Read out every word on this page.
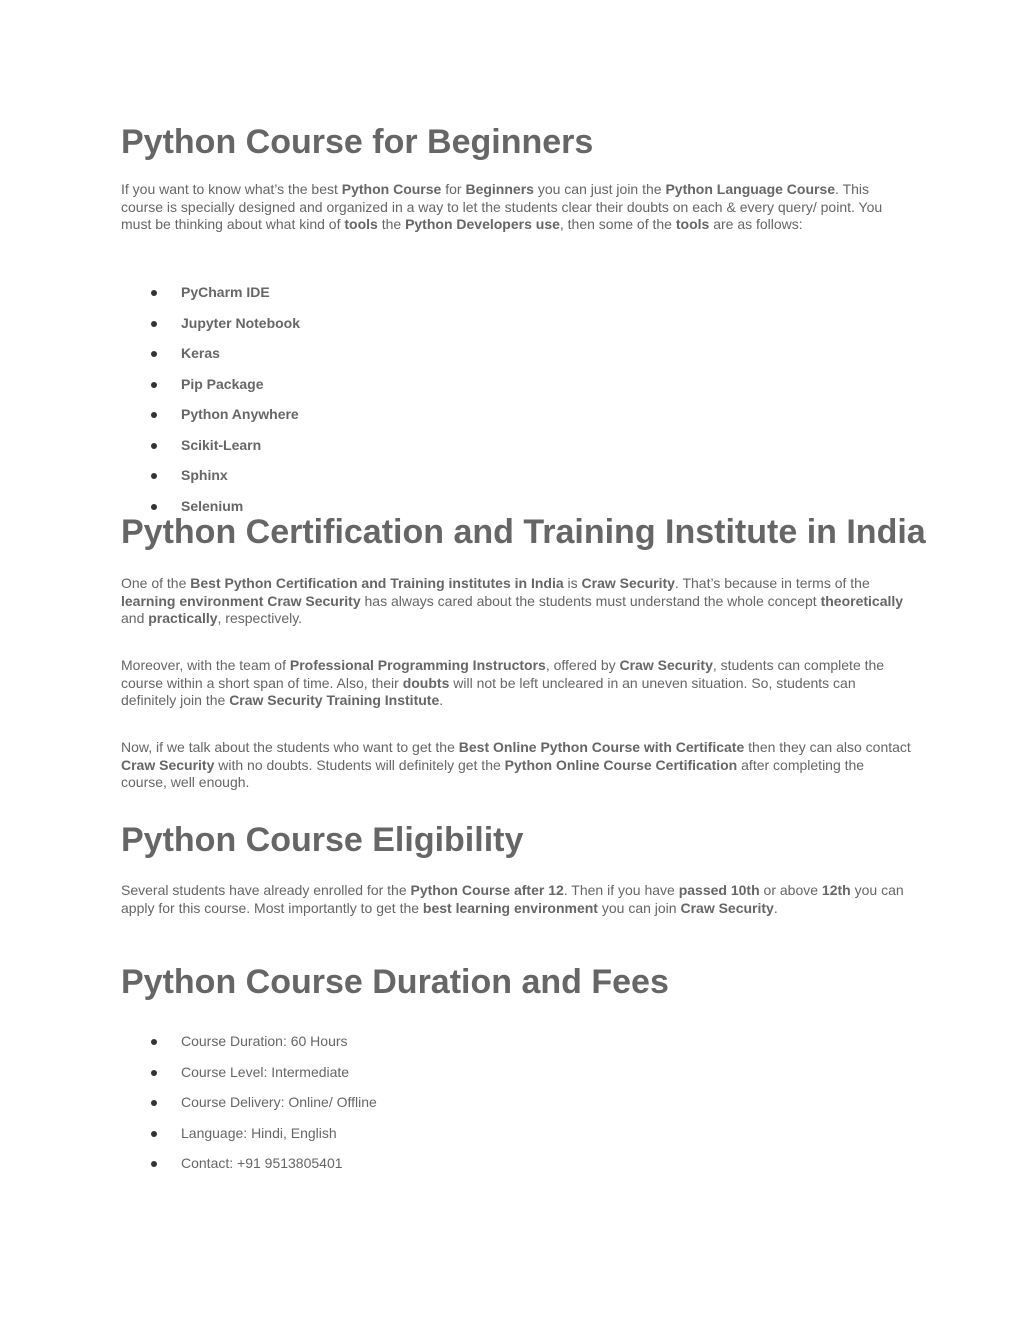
Python Course for Beginners

If you want to know what’s the best Python Course for Beginners you can just join the Python Language Course. This course is specially designed and organized in a way to let the students clear their doubts on each & every query/ point. You must be thinking about what kind of tools the Python Developers use, then some of the tools are as follows:

PyCharm IDE
Jupyter Notebook
Keras
Pip Package
Python Anywhere
Scikit-Learn
Sphinx
Selenium
Python Certification and Training Institute in India

One of the Best Python Certification and Training institutes in India is Craw Security. That’s because in terms of the learning environment Craw Security has always cared about the students must understand the whole concept theoretically and practically, respectively.

Moreover, with the team of Professional Programming Instructors, offered by Craw Security, students can complete the course within a short span of time. Also, their doubts will not be left uncleared in an uneven situation. So, students can definitely join the Craw Security Training Institute.

Now, if we talk about the students who want to get the Best Online Python Course with Certificate then they can also contact Craw Security with no doubts. Students will definitely get the Python Online Course Certification after completing the course, well enough.

Python Course Eligibility

Several students have already enrolled for the Python Course after 12. Then if you have passed 10th or above 12th you can apply for this course. Most importantly to get the best learning environment you can join Craw Security.

Python Course Duration and Fees
Course Duration: 60 Hours
Course Level: Intermediate
Course Delivery: Online/ Offline
Language: Hindi, English
Contact: +91 9513805401
